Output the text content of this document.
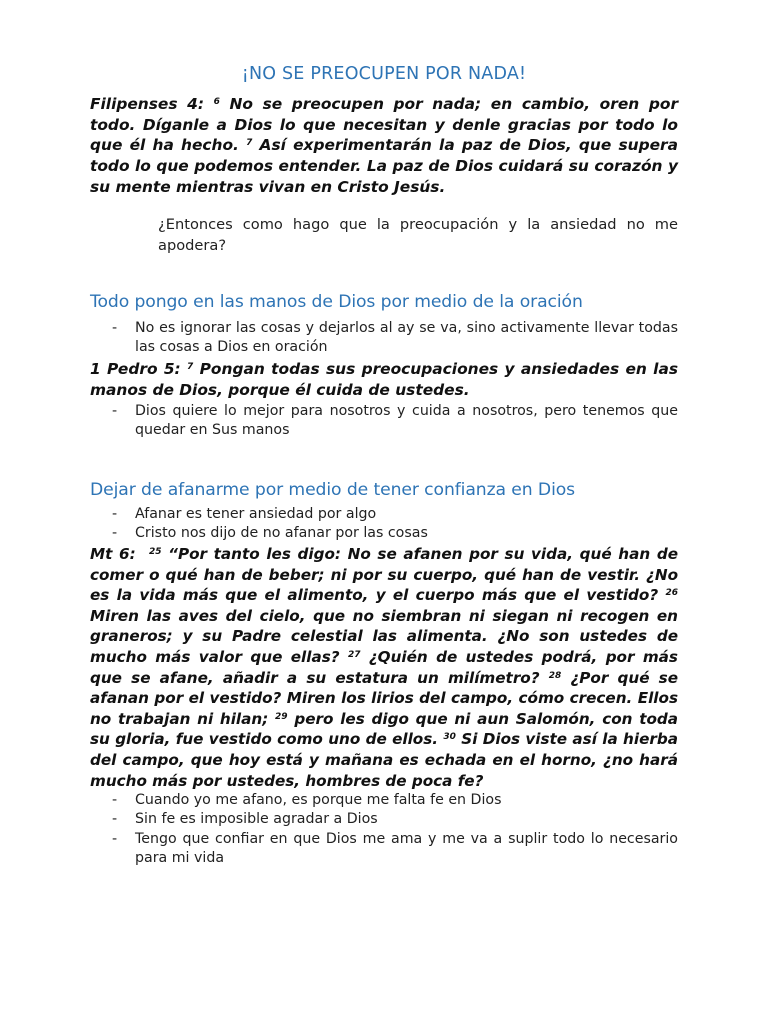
¡NO SE PREOCUPEN POR NADA!
Filipenses 4: $^6$ No se preocupen por nada; en cambio, oren por todo. Díganle a Dios lo que necesitan y denle gracias por todo lo que él ha hecho. $^7$ Así experimentarán la paz de Dios, que supera todo lo que podemos entender. La paz de Dios cuidará su corazón y su mente mientras vivan en Cristo Jesús.
¿Entonces como hago que la preocupación y la ansiedad no me apodera?
Todo pongo en las manos de Dios por medio de la oración
- No es ignorar las cosas y dejarlos al ay se va, sino activamente llevar todas las cosas a Dios en oración
1 Pedro 5: $^7$ Pongan todas sus preocupaciones y ansiedades en las manos de Dios, porque él cuida de ustedes.
- Dios quiere lo mejor para nosotros y cuida a nosotros, pero tenemos que quedar en Sus manos
Dejar de afanarme por medio de tener confianza en Dios
- Afanar es tener ansiedad por algo
- Cristo nos dijo de no afanar por las cosas
Mt 6: $^{25}$ “Por tanto les digo: No se afanen por su vida, qué han de comer o qué han de beber; ni por su cuerpo, qué han de vestir. ¿No es la vida más que el alimento, y el cuerpo más que el vestido? $^{26}$ Miren las aves del cielo, que no siembran ni siegan ni recogen en graneros; y su Padre celestial las alimenta. ¿No son ustedes de mucho más valor que ellas? $^{27}$ ¿Quién de ustedes podrá, por más que se afane, añadir a su estatura un milímetro? $^{28}$ ¿Por qué se afanan por el vestido? Miren los lirios del campo, cómo crecen. Ellos no trabajan ni hilan; $^{29}$ pero les digo que ni aun Salomón, con toda su gloria, fue vestido como uno de ellos. $^{30}$ Si Dios viste así la hierba del campo, que hoy está y mañana es echada en el horno, ¿no hará mucho más por ustedes, hombres de poca fe?
- Cuando yo me afano, es porque me falta fe en Dios
- Sin fe es imposible agradar a Dios
- Tengo que confiar en que Dios me ama y me va a suplir todo lo necesario para mi vida
